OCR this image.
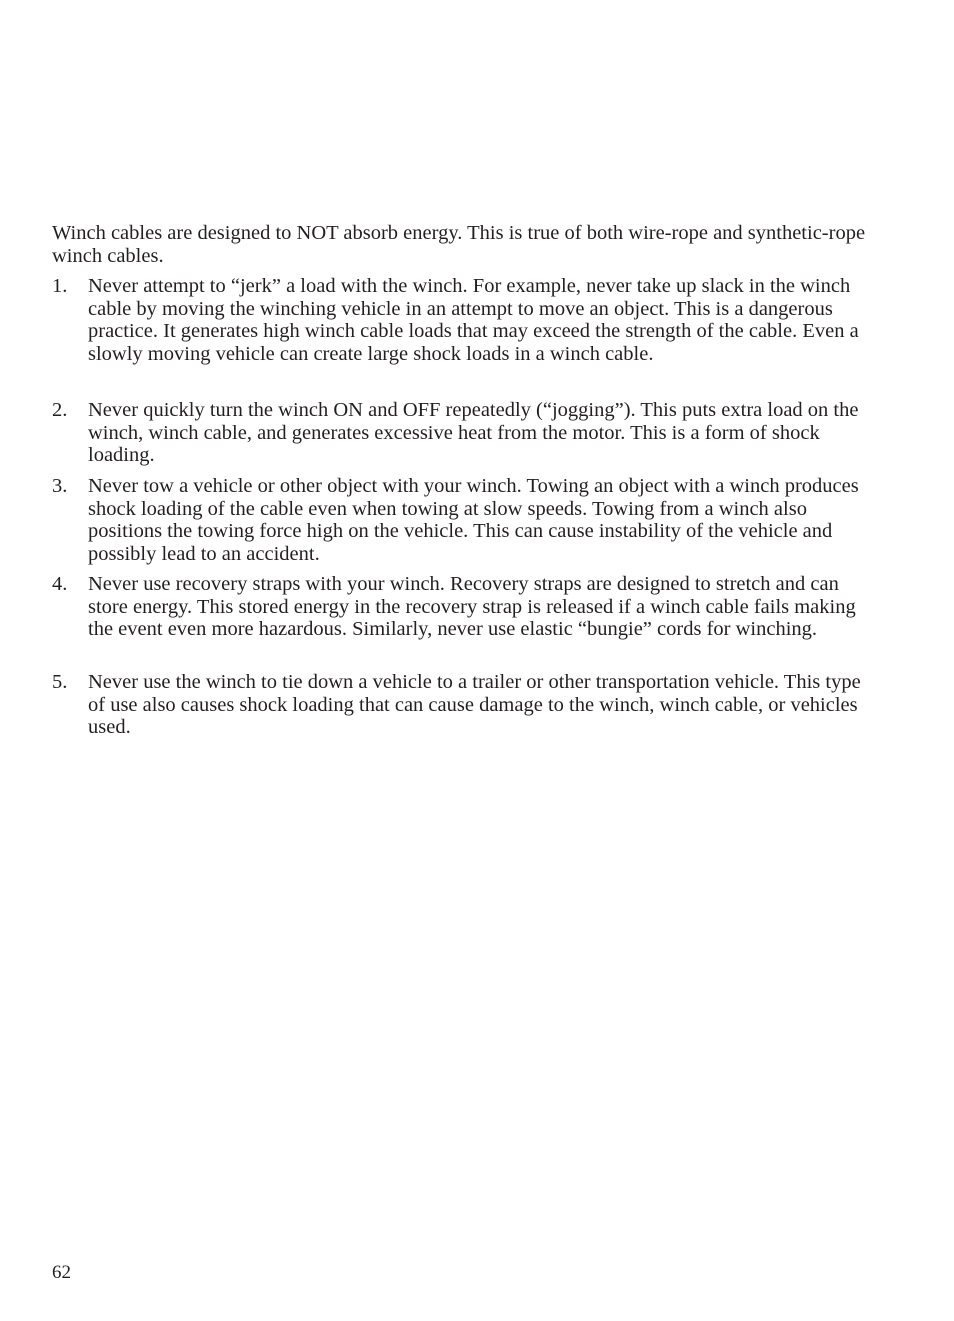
Winch cables are designed to NOT absorb energy. This is true of both wire-rope and synthetic-rope winch cables.

1.	Never attempt to “jerk” a load with the winch. For example, never take up slack in the winch cable by moving the winching vehicle in an attempt to move an object. This is a dangerous practice. It generates high winch cable loads that may exceed the strength of the cable. Even a slowly moving vehicle can create large shock loads in a winch cable.
2.	Never quickly turn the winch ON and OFF repeatedly (“jogging”). This puts extra load on the winch, winch cable, and generates excessive heat from the motor. This is a form of shock loading.
3.	Never tow a vehicle or other object with your winch. Towing an object with a winch produces shock loading of the cable even when towing at slow speeds. Towing from a winch also positions the towing force high on the vehicle. This can cause instability of the vehicle and possibly lead to an accident.
4.	Never use recovery straps with your winch. Recovery straps are designed to stretch and can store energy. This stored energy in the recovery strap is released if a winch cable fails making the event even more hazardous. Similarly, never use elastic “bungie” cords for winching.
5.	Never use the winch to tie down a vehicle to a trailer or other transportation vehicle. This type of use also causes shock loading that can cause damage to the winch, winch cable, or vehicles used.
62
